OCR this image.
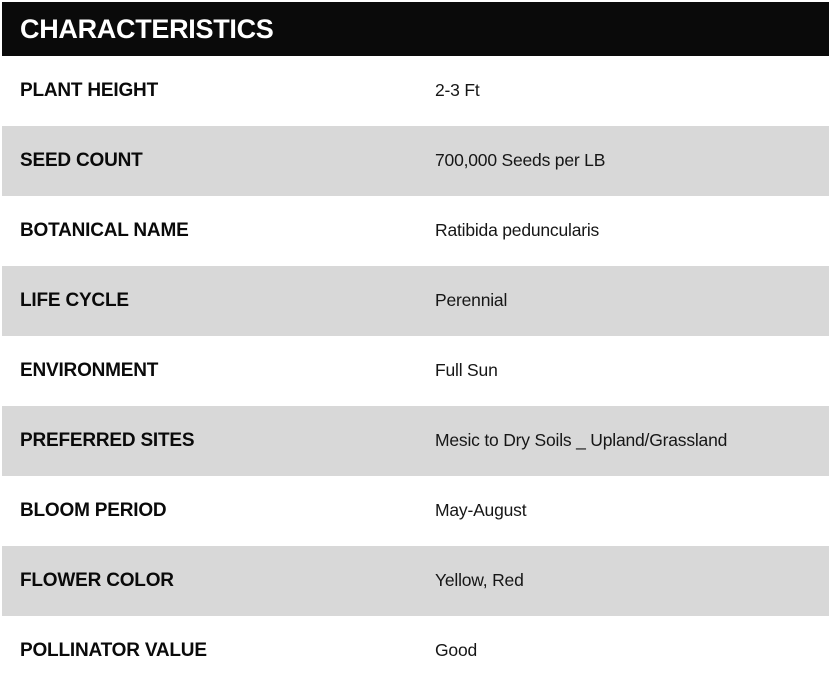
CHARACTERISTICS
PLANT HEIGHT	2-3 Ft
SEED COUNT	700,000 Seeds per LB
BOTANICAL NAME	Ratibida peduncularis
LIFE CYCLE	Perennial
ENVIRONMENT	Full Sun
PREFERRED SITES	Mesic to Dry Soils _ Upland/Grassland
BLOOM PERIOD	May-August
FLOWER COLOR	Yellow, Red
POLLINATOR VALUE	Good
